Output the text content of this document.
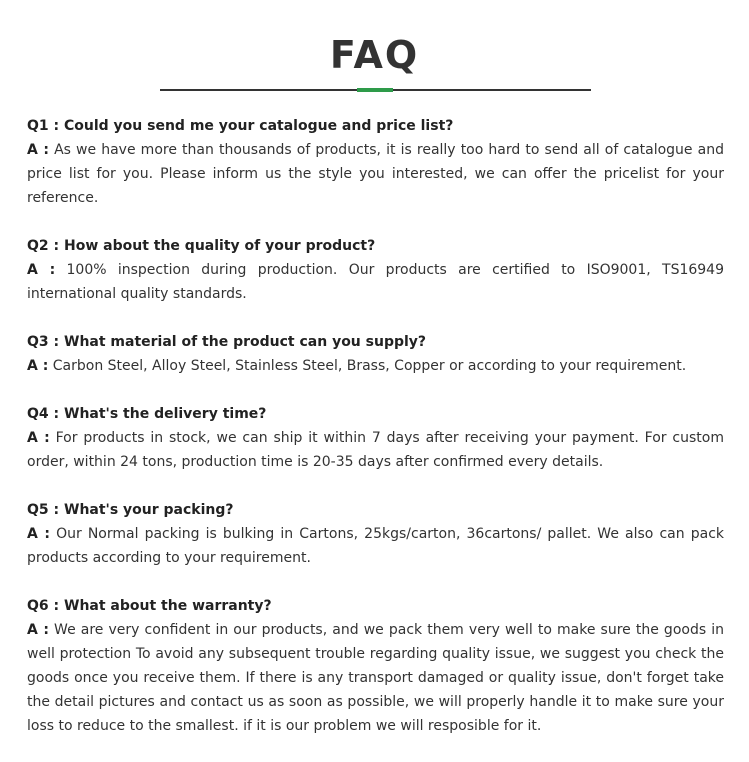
FAQ

Q1 : Could you send me your catalogue and price list?

A : As we have more than thousands of products, it is really too hard to send all of catalogue and price list for you. Please inform us the style you interested, we can offer the pricelist for your reference.

Q2 : How about the quality of your product?

A : 100% inspection during production. Our products are certified to ISO9001, TS16949 international quality standards.

Q3 : What material of the product can you supply?

A : Carbon Steel, Alloy Steel, Stainless Steel, Brass, Copper or according to your requirement.

Q4 : What's the delivery time?

A : For products in stock, we can ship it within 7 days after receiving your payment. For custom order, within 24 tons, production time is 20-35 days after confirmed every details.

Q5 : What's your packing?

A : Our Normal packing is bulking in Cartons, 25kgs/carton, 36cartons/ pallet. We also can pack products according to your requirement.

Q6 : What about the warranty?

A : We are very confident in our products, and we pack them very well to make sure the goods in well protection To avoid any subsequent trouble regarding quality issue, we suggest you check the goods once you receive them. If there is any transport damaged or quality issue, don't forget take the detail pictures and contact us as soon as possible, we will properly handle it to make sure your loss to reduce to the smallest. if it is our problem we will resposible for it.
